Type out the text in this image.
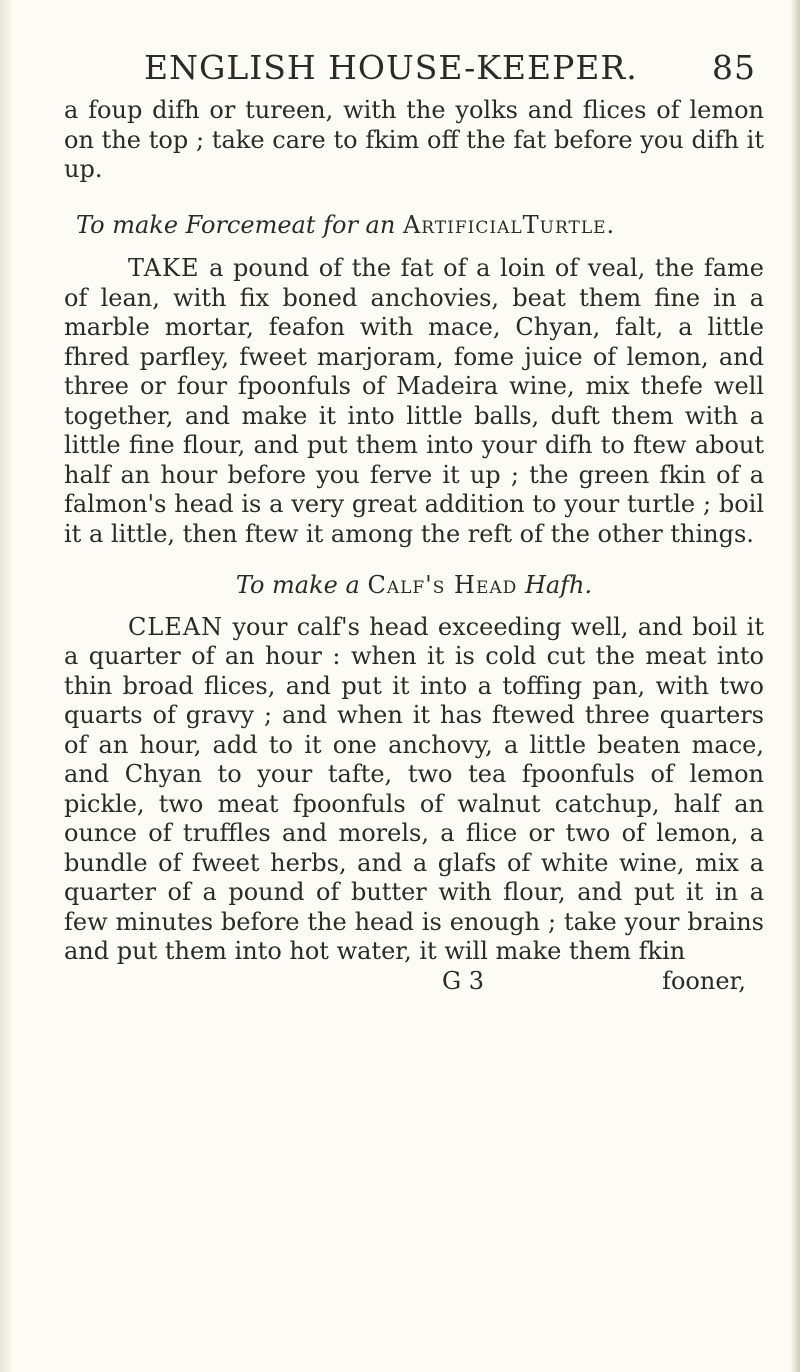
ENGLISH HOUSE-KEEPER. 85

a foup difh or tureen, with the yolks and flices of lemon on the top ; take care to fkim off the fat before you difh it up.

To make Forcemeat for an ArtificialTurtle.

TAKE a pound of the fat of a loin of veal, the fame of lean, with fix boned anchovies, beat them fine in a marble mortar, feafon with mace, Chyan, falt, a little fhred parfley, fweet marjoram, fome juice of lemon, and three or four fpoonfuls of Madeira wine, mix thefe well together, and make it into little balls, duft them with a little fine flour, and put them into your difh to ftew about half an hour before you ferve it up ; the green fkin of a falmon's head is a very great addition to your turtle ; boil it a little, then ftew it among the reft of the other things.

To make a Calf's Head Hafh.

CLEAN your calf's head exceeding well, and boil it a quarter of an hour : when it is cold cut the meat into thin broad flices, and put it into a toffing pan, with two quarts of gravy ; and when it has ftewed three quarters of an hour, add to it one anchovy, a little beaten mace, and Chyan to your tafte, two tea fpoonfuls of lemon pickle, two meat fpoonfuls of walnut catchup, half an ounce of truffles and morels, a flice or two of lemon, a bundle of fweet herbs, and a glafs of white wine, mix a quarter of a pound of butter with flour, and put it in a few minutes before the head is enough ; take your brains and put them into hot water, it will make them fkin

G 3	fooner,
